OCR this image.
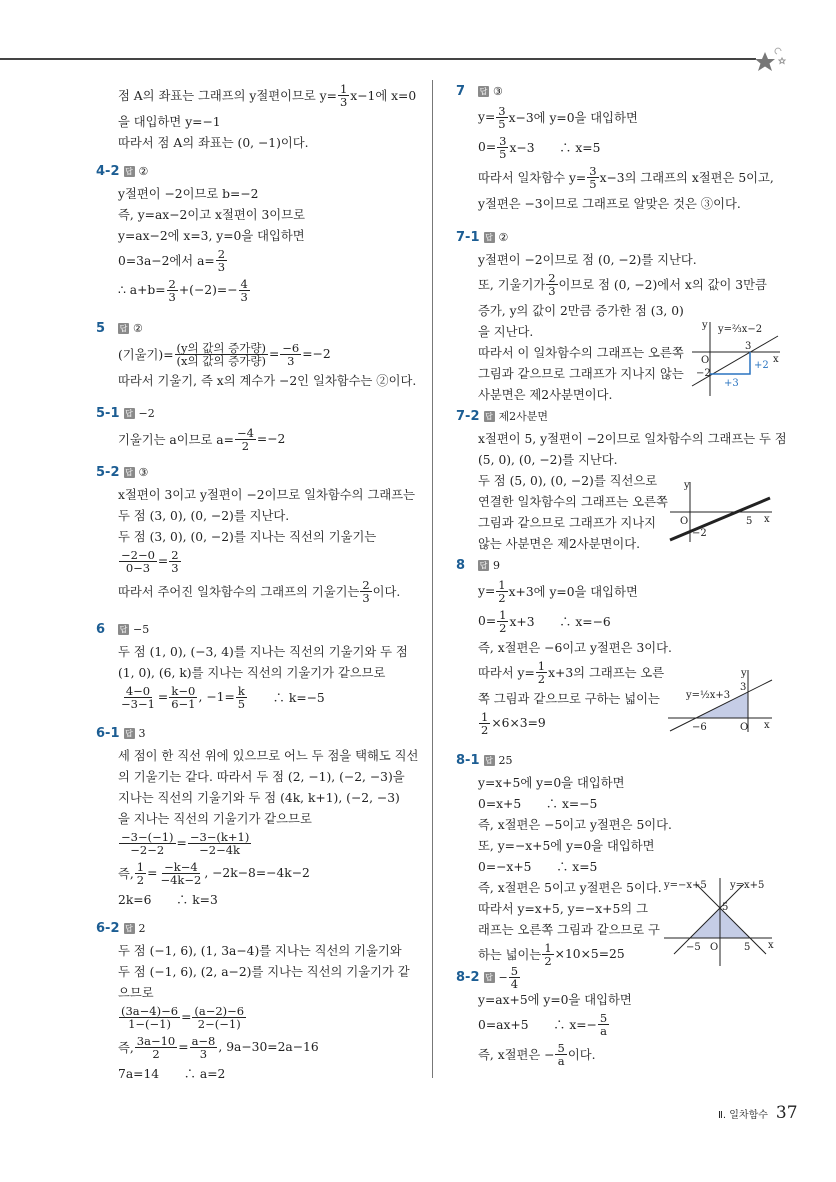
점 A의 좌표는 그래프의 y절편이므로 $y= \frac{1}{3} x-1$에 x=0
을 대입하면 y=−1
따라서 점 A의 좌표는 (0, −1)이다.
4-2 답 ②
y절편이 −2이므로 b=−2
즉, y=ax−2이고 x절편이 3이므로
y=ax−2에 x=3, y=0을 대입하면
0=3a−2에서 $a= \frac{2}{3}$
∴ $a+b= \frac{2}{3} +(-2)=- \frac{4}{3}$
5	답 ②
(기울기)= $\frac{\text{(y의 값의 증가량)}}{\text{(x의 값의 증가량)}} = \frac{-6}{3} =-2$
따라서 기울기, 즉 x의 계수가 −2인 일차함수는 ②이다.
5-1 답 −2
기울기는 a이므로 $a= \frac{-4}{2} =-2$
5-2 답 ③
x절편이 3이고 y절편이 −2이므로 일차함수의 그래프는
두 점 (3, 0), (0, −2)를 지난다.
두 점 (3, 0), (0, −2)를 지나는 직선의 기울기는
$\frac{-2-0}{0-3} = \frac{2}{3}$
따라서 주어진 일차함수의 그래프의 기울기는 $\frac{2}{3}$ 이다.
6	답 −5
두 점 (1, 0), (−3, 4)를 지나는 직선의 기울기와 두 점
(1, 0), (6, k)를 지나는 직선의 기울기가 같으므로
$\frac{4-0}{-3-1} = \frac{k-0}{6-1}$ , $-1= \frac{k}{5}$ 　　∴ k=−5
6-1 답 3
세 점이 한 직선 위에 있으므로 어느 두 점을 택해도 직선
의 기울기는 같다. 따라서 두 점 (2, −1), (−2, −3)을
지나는 직선의 기울기와 두 점 (4k, k+1), (−2, −3)
을 지나는 직선의 기울기가 같으므로
$\frac{-3-(-1)}{-2-2} = \frac{-3-(k+1)}{-2-4k}$
즉, $\frac{1}{2} = \frac{-k-4}{-4k-2}$ , −2k−8=−4k−2
2k=6　　∴ k=3
6-2 답 2
두 점 (−1, 6), (1, 3a−4)를 지나는 직선의 기울기와
두 점 (−1, 6), (2, a−2)를 지나는 직선의 기울기가 같
으므로
$\frac{(3a-4)-6}{1-(-1)} = \frac{(a-2)-6}{2-(-1)}$
즉, $\frac{3a-10}{2} = \frac{a-8}{3}$ , 9a−30=2a−16
7a=14　　∴ a=2
7	답 ③
$y= \frac{3}{5} x-3$에 y=0을 대입하면
$0= \frac{3}{5} x-3$　　∴ x=5
따라서 일차함수 $y= \frac{3}{5} x-3$의 그래프의 x절편은 5이고,
y절편은 −3이므로 그래프로 알맞은 것은 ③이다.
7-1 답 ②
y절편이 −2이므로 점 (0, −2)를 지난다.
또, 기울기가 $\frac{2}{3}$ 이므로 점 (0, −2)에서 x의 값이 3만큼
증가, y의 값이 2만큼 증가한 점 (3, 0)
을 지난다.
따라서 이 일차함수의 그래프는 오른쪽
그림과 같으므로 그래프가 지나지 않는
사분면은 제2사분면이다.
7-2 답 제2사분면
x절편이 5, y절편이 −2이므로 일차함수의 그래프는 두 점
(5, 0), (0, −2)를 지난다.
두 점 (5, 0), (0, −2)를 직선으로
연결한 일차함수의 그래프는 오른쪽
그림과 같으므로 그래프가 지나지
않는 사분면은 제2사분면이다.
8	답 9
$y= \frac{1}{2} x+3$에 y=0을 대입하면
$0= \frac{1}{2} x+3$　　∴ x=−6
즉, x절편은 −6이고 y절편은 3이다.
따라서 $y= \frac{1}{2} x+3$의 그래프는 오른
쪽 그림과 같으므로 구하는 넓이는
$\frac{1}{2} \times 6\times 3=9$
8-1 답 25
y=x+5에 y=0을 대입하면
0=x+5　　∴ x=−5
즉, x절편은 −5이고 y절편은 5이다.
또, y=−x+5에 y=0을 대입하면
0=−x+5　　∴ x=5
즉, x절편은 5이고 y절편은 5이다.
따라서 y=x+5, y=−x+5의 그
래프는 오른쪽 그림과 같으므로 구
하는 넓이는 $\frac{1}{2} \times 10\times 5=25$
8-2 답 − $\frac{5}{4}$
y=ax+5에 y=0을 대입하면
0=ax+5　　∴ $x=- \frac{5}{a}$
즉, x절편은 − $\frac{5}{a}$ 이다.
y y=⅔x−2
x
O
−2
3
+2
+3
y
x
O	5
−2
y
y=½x+3
3
x
O
−6
y=−x+5 y=x+5
5
x
O
−5	5
Ⅱ. 일차함수 37
